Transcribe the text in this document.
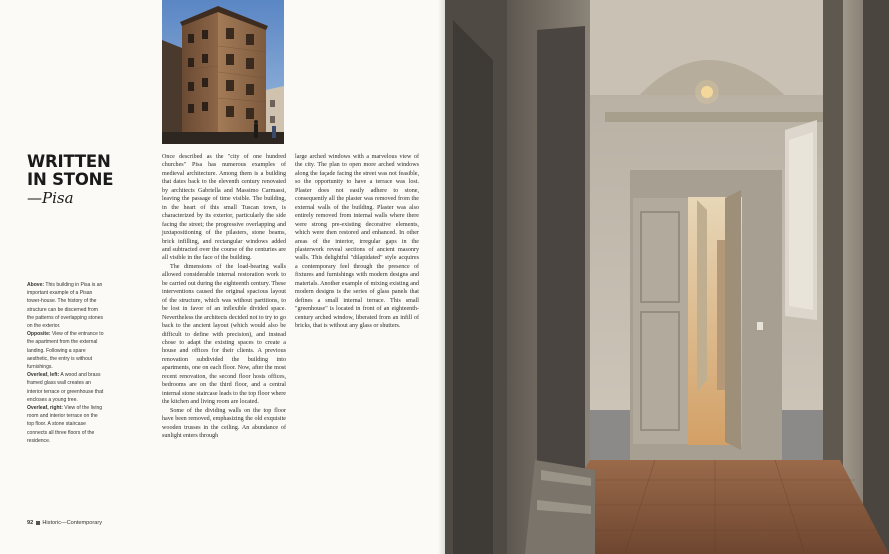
WRITTEN
IN STONE
—Pisa

Above: This building in Pisa is an important example of a Pisan tower-house. The history of the structure can be discerned from the patterns of overlapping stones on the exterior.

Opposite: View of the entrance to the apartment from the external landing. Following a spare aesthetic, the entry is without furnishings.

Overleaf, left: A wood and brass framed glass wall creates an interior terrace or greenhouse that encloses a young tree.

Overleaf, right: View of the living room and interior terrace on the top floor. A stone staircase connects all three floors of the residence.

Once described as the "city of one hundred churches" Pisa has numerous examples of medieval architecture. Among them is a building that dates back to the eleventh century renovated by architects Gabriella and Massimo Carmassi, leaving the passage of time visible. The building, in the heart of this small Tuscan town, is characterized by its exterior, particularly the side facing the street; the progressive overlapping and juxtapositioning of the pilasters, stone beams, brick infilling, and rectangular windows added and subtracted over the course of the centuries are all visible in the face of the building.

The dimensions of the load-bearing walls allowed considerable internal restoration work to be carried out during the eighteenth century. These interventions caused the original spacious layout of the structure, which was without partitions, to be lost in favor of an inflexible divided space. Nevertheless the architects decided not to try to go back to the ancient layout (which would also be difficult to define with precision), and instead chose to adapt the existing spaces to create a house and offices for their clients. A previous renovation subdivided the building into apartments, one on each floor. Now, after the most recent renovation, the second floor hosts offices, bedrooms are on the third floor, and a central internal stone staircase leads to the top floor where the kitchen and living room are located.

Some of the dividing walls on the top floor have been removed, emphasizing the old exquisite wooden trusses in the ceiling. An abundance of sunlight enters through

large arched windows with a marvelous view of the city. The plan to open more arched windows along the façade facing the street was not feasible, so the opportunity to have a terrace was lost. Plaster does not easily adhere to stone, consequently all the plaster was removed from the external walls of the building. Plaster was also entirely removed from internal walls where there were strong pre-existing decorative elements, which were then restored and enhanced. In other areas of the interior, irregular gaps in the plasterwork reveal sections of ancient masonry walls. This delightful "dilapidated" style acquires a contemporary feel through the presence of fixtures and furnishings with modern designs and materials. Another example of mixing existing and modern designs is the series of glass panels that defines a small internal terrace. This small "greenhouse" is located in front of an eighteenth-century arched window, liberated from an infill of bricks, that is without any glass or shutters.

92 Historic—Contemporary
